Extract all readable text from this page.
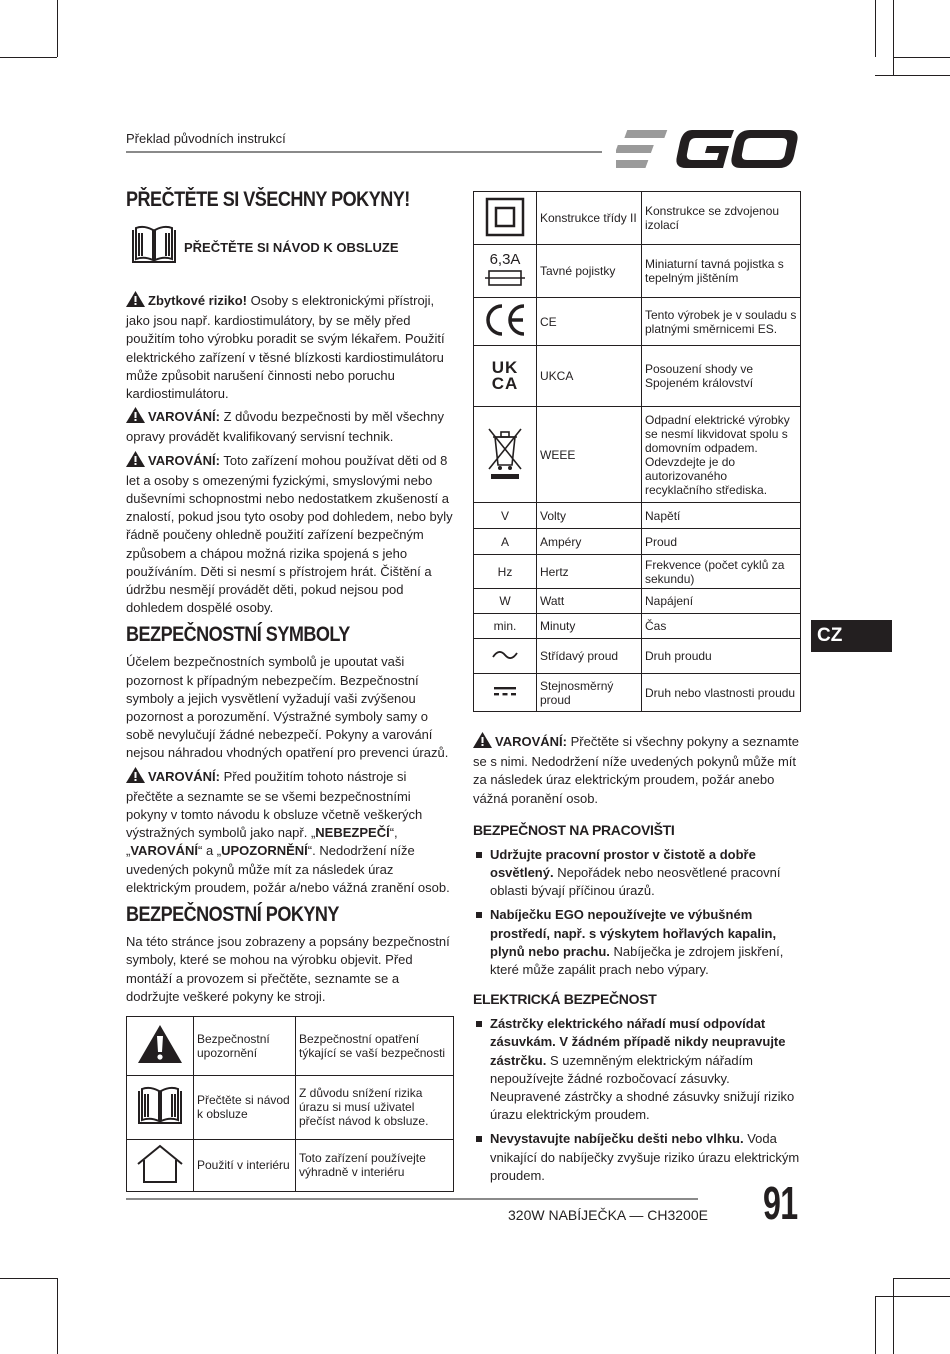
Překlad původních instrukcí
PŘEČTĚTE SI VŠECHNY POKYNY!
PŘEČTĚTE SI NÁVOD K OBSLUZE

Zbytkové riziko! Osoby s elektronickými přístroji, jako jsou např. kardiostimulátory, by se měly před použitím toho výrobku poradit se svým lékařem. Použití elektrického zařízení v těsné blízkosti kardiostimulátoru může způsobit narušení činnosti nebo poruchu kardiostimulátoru.

VAROVÁNÍ: Z důvodu bezpečnosti by měl všechny opravy provádět kvalifikovaný servisní technik.

VAROVÁNÍ: Toto zařízení mohou používat děti od 8 let a osoby s omezenými fyzickými, smyslovými nebo duševními schopnostmi nebo nedostatkem zkušeností a znalostí, pokud jsou tyto osoby pod dohledem, nebo byly řádně poučeny ohledně použití zařízení bezpečným způsobem a chápou možná rizika spojená s jeho používáním. Děti si nesmí s přístrojem hrát. Čištění a údržbu nesmějí provádět děti, pokud nejsou pod dohledem dospělé osoby.

BEZPEČNOSTNÍ SYMBOLY

Účelem bezpečnostních symbolů je upoutat vaši pozornost k případným nebezpečím. Bezpečnostní symboly a jejich vysvětlení vyžadují vaši zvýšenou pozornost a porozumění. Výstražné symboly samy o sobě nevylučují žádné nebezpečí. Pokyny a varování nejsou náhradou vhodných opatření pro prevenci úrazů.

VAROVÁNÍ: Před použitím tohoto nástroje si přečtěte a seznamte se se všemi bezpečnostními pokyny v tomto návodu k obsluze včetně veškerých výstražných symbolů jako např. „NEBEZPEČÍ“, „VAROVÁNÍ“ a „UPOZORNĚNÍ“. Nedodržení níže uvedených pokynů může mít za následek úraz elektrickým proudem, požár a/nebo vážná zranění osob.

BEZPEČNOSTNÍ POKYNY

Na této stránce jsou zobrazeny a popsány bezpečnostní symboly, které se mohou na výrobku objevit. Před montáží a provozem si přečtěte, seznamte se a dodržujte veškeré pokyny ke stroji.

	Bezpečnostní upozornění	Bezpečnostní opatření týkající se vaší bezpečnosti
	Přečtěte si návod k obsluze	Z důvodu snížení rizika úrazu si musí uživatel přečíst návod k obsluze.
	Použití v interiéru	Toto zařízení používejte výhradně v interiéru
	Konstrukce třídy II	Konstrukce se zdvojenou izolací

6,3A	Tavné pojistky	Miniaturní tavná pojistka s tepelným jištěním
	CE	Tento výrobek je v souladu s platnými směrnicemi ES.
UK CA	UKCA	Posouzení shody ve Spojeném království
	WEEE	Odpadní elektrické výrobky se nesmí likvidovat spolu s domovním odpadem. Odevzdejte je do autorizovaného recyklačního střediska.
V	Volty	Napětí
A	Ampéry	Proud
Hz	Hertz	Frekvence (počet cyklů za sekundu)
W	Watt	Napájení
min.	Minuty	Čas
	Střídavý proud	Druh proudu
	Stejnosměrný proud	Druh nebo vlastnosti proudu

VAROVÁNÍ: Přečtěte si všechny pokyny a seznamte se s nimi. Nedodržení níže uvedených pokynů může mít za následek úraz elektrickým proudem, požár anebo vážná poranění osob.

BEZPEČNOST NA PRACOVIŠTI
Udržujte pracovní prostor v čistotě a dobře osvětlený. Nepořádek nebo neosvětlené pracovní oblasti bývají příčinou úrazů.
Nabíječku EGO nepoužívejte ve výbušném prostředí, např. s výskytem hořlavých kapalin, plynů nebo prachu. Nabíječka je zdrojem jiskření, které může zapálit prach nebo výpary.
ELEKTRICKÁ BEZPEČNOST
Zástrčky elektrického nářadí musí odpovídat zásuvkám. V žádném případě nikdy neupravujte zástrčku. S uzemněným elektrickým nářadím nepoužívejte žádné rozbočovací zásuvky. Neupravené zástrčky a shodné zásuvky snižují riziko úrazu elektrickým proudem.
Nevystavujte nabíječku dešti nebo vlhku. Voda vnikající do nabíječky zvyšuje riziko úrazu elektrickým proudem.
CZ
320W NABÍJEČKA — CH3200E 91
